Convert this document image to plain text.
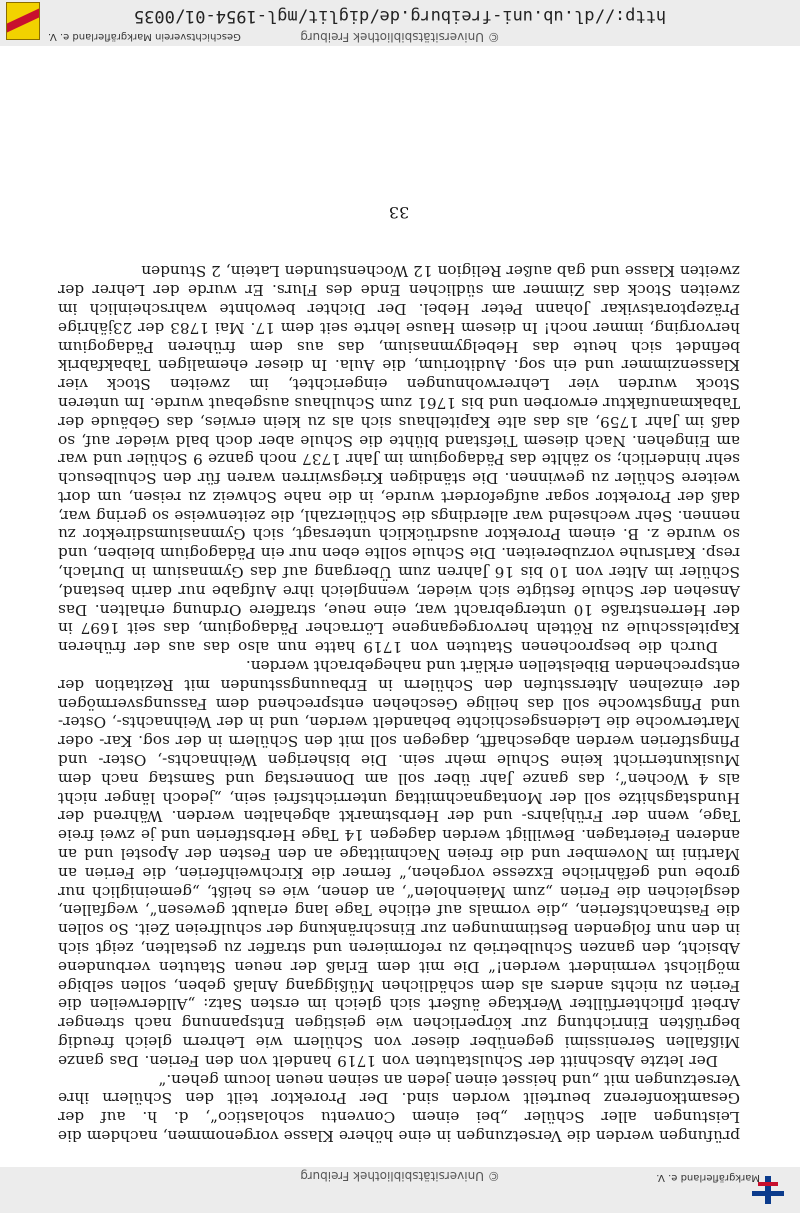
© Universitätsbibliothek Freiburg	Markgräflerland e. V.

prüfungen werden die Versetzungen in eine höhere Klasse vorgenommen, nachdem die Leistungen aller Schüler „bei einem Conventu scholastico“, d. h. auf der Gesamtkonferenz beurteilt worden sind. Der Prorektor teilt den Schülern ihre Versetzungen mit „und heisset einen jeden an seinen neuen locum gehen.“

Der letzte Abschnitt der Schulstatuten von 1719 handelt von den Ferien. Das ganze Mißfallen Serenissimi gegenüber dieser von Schülern wie Lehrern gleich freudig begrüßten Einrichtung zur körperlichen wie geistigen Entspannung nach strenger Arbeit pflichterfüllter Werktage äußert sich gleich im ersten Satz: „Allderweilen die Ferien zu nichts anders als dem schädlichen Müßiggang Anlaß geben, sollen selbige möglichst vermindert werden!“ Die mit dem Erlaß der neuen Statuten verbundene Absicht, den ganzen Schulbetrieb zu reformieren und straffer zu gestalten, zeigt sich in den nun folgenden Bestimmungen zur Einschränkung der schulfreien Zeit. So sollen die Fastnachtsferien, „die vormals auf etliche Tage lang erlaubt gewesen“, wegfallen, desgleichen die Ferien „zum Maienholen“, an denen, wie es heißt, „gemeiniglich nur grobe und gefährliche Exzesse vorgehen,“ ferner die Kirchweihferien, die Ferien an Martini im November und die freien Nachmittage an den Festen der Apostel und an anderen Feiertagen. Bewilligt werden dagegen 14 Tage Herbstferien und je zwei freie Tage, wenn der Frühjahrs- und der Herbstmarkt abgehalten werden. Während der Hundstagshitze soll der Montagnachmittag unterrichtsfrei sein, „jedoch länger nicht als 4 Wochen“; das ganze Jahr über soll am Donnerstag und Samstag nach dem Musikunterricht keine Schule mehr sein. Die bisherigen Weihnachts-, Oster- und Pfingstferien werden abgeschafft, dagegen soll mit den Schülern in der sog. Kar- oder Marterwoche die Leidensgeschichte behandelt werden, und in der Weihnachts-, Oster- und Pfingstwoche soll das heilige Geschehen entsprechend dem Fassungsvermögen der einzelnen Altersstufen den Schülern in Erbauungsstunden mit Rezitation der entsprechenden Bibelstellen erklärt und nahegebracht werden.

Durch die besprochenen Statuten von 1719 hatte nun also das aus der früheren Kapitelsschule zu Rötteln hervorgegangene Lörracher Pädagogium, das seit 1697 in der Herrenstraße 10 untergebracht war, eine neue, straffere Ordnung erhalten. Das Ansehen der Schule festigte sich wieder, wenngleich ihre Aufgabe nur darin bestand, Schüler im Alter von 10 bis 16 Jahren zum Übergang auf das Gymnasium in Durlach, resp. Karlsruhe vorzubereiten. Die Schule sollte eben nur ein Pädagogium bleiben, und so wurde z. B. einem Prorektor ausdrücklich untersagt, sich Gymnasiumsdirektor zu nennen. Sehr wechselnd war allerdings die Schülerzahl, die zeitenweise so gering war, daß der Prorektor sogar aufgefordert wurde, in die nahe Schweiz zu reisen, um dort weitere Schüler zu gewinnen. Die ständigen Kriegswirren waren für den Schulbesuch sehr hinderlich; so zählte das Pädagogium im Jahr 1737 noch ganze 9 Schüler und war am Eingehen. Nach diesem Tiefstand blühte die Schule aber doch bald wieder auf, so daß im Jahr 1759, als das alte Kapitelhaus sich als zu klein erwies, das Gebäude der Tabakmanufaktur erworben und bis 1761 zum Schulhaus ausgebaut wurde. Im unteren Stock wurden vier Lehrerwohnungen eingerichtet, im zweiten Stock vier Klassenzimmer und ein sog. Auditorium, die Aula. In dieser ehemaligen Tabakfabrik befindet sich heute das Hebelgymnasium, das aus dem früheren Pädagogium hervorging, immer noch! In diesem Hause lehrte seit dem 17. Mai 1783 der 23jährige Präzeptoratsvikar Johann Peter Hebel. Der Dichter bewohnte wahrscheinlich im zweiten Stock das Zimmer am südlichen Ende des Flurs. Er wurde der Lehrer der zweiten Klasse und gab außer Religion 12 Wochenstunden Latein, 2 Stunden

33
Geschichtsverein Markgräflerland e. V.	© Universitätsbibliothek Freiburg
http://dl.ub.uni-freiburg.de/diglit/mgl-1954-01/0035
